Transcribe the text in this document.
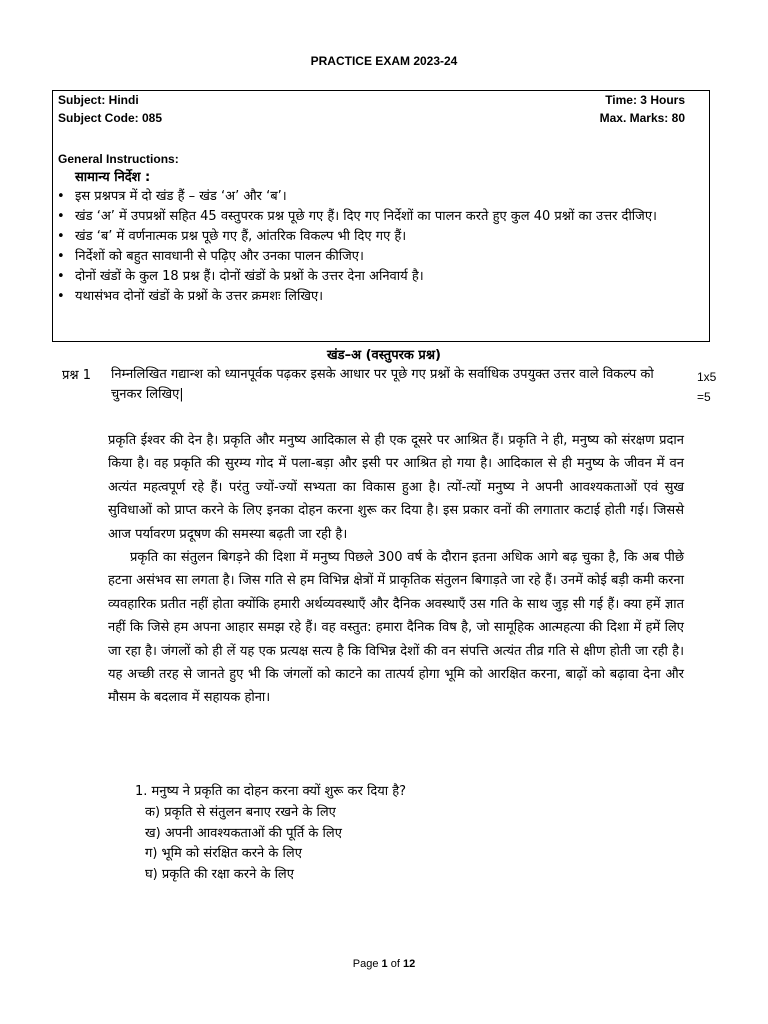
PRACTICE EXAM 2023-24
Subject: Hindi	Time: 3 Hours
Subject Code: 085	Max. Marks: 80
General Instructions:
सामान्य निर्देश :
• इस प्रश्नपत्र में दो खंड हैं – खंड ‘अ’ और ‘ब’।
• खंड ‘अ’ में उपप्रश्नों सहित 45 वस्तुपरक प्रश्न पूछे गए हैं। दिए गए निर्देशों का पालन करते हुए कुल 40 प्रश्नों का उत्तर दीजिए।
• खंड ‘ब’ में वर्णनात्मक प्रश्न पूछे गए हैं, आंतरिक विकल्प भी दिए गए हैं।
• निर्देशों को बहुत सावधानी से पढ़िए और उनका पालन कीजिए।
• दोनों खंडों के कुल 18 प्रश्न हैं। दोनों खंडों के प्रश्नों के उत्तर देना अनिवार्य है।
• यथासंभव दोनों खंडों के प्रश्नों के उत्तर क्रमशः लिखिए।
खंड–अ (वस्तुपरक प्रश्न)
प्रश्न 1 निम्नलिखित गद्यान्श को ध्यानपूर्वक पढ़कर इसके आधार पर पूछे गए प्रश्नों के सर्वाधिक उपयुक्त उत्तर वाले विकल्प को चुनकर लिखिए|
1x5
=5

प्रकृति ईश्वर की देन है। प्रकृति और मनुष्य आदिकाल से ही एक दूसरे पर आश्रित हैं। प्रकृति ने ही, मनुष्य को संरक्षण प्रदान किया है। वह प्रकृति की सुरम्य गोद में पला-बड़ा और इसी पर आश्रित हो गया है। आदिकाल से ही मनुष्य के जीवन में वन अत्यंत महत्वपूर्ण रहे हैं। परंतु ज्यों-ज्यों सभ्यता का विकास हुआ है। त्यों-त्यों मनुष्य ने अपनी आवश्यकताओं एवं सुख सुविधाओं को प्राप्त करने के लिए इनका दोहन करना शुरू कर दिया है। इस प्रकार वनों की लगातार कटाई होती गई। जिससे आज पर्यावरण प्रदूषण की समस्या बढ़ती जा रही है।

प्रकृति का संतुलन बिगड़ने की दिशा में मनुष्य पिछले 300 वर्ष के दौरान इतना अधिक आगे बढ़ चुका है, कि अब पीछे हटना असंभव सा लगता है। जिस गति से हम विभिन्न क्षेत्रों में प्राकृतिक संतुलन बिगाड़ते जा रहे हैं। उनमें कोई बड़ी कमी करना व्यवहारिक प्रतीत नहीं होता क्योंकि हमारी अर्थव्यवस्थाएँ और दैनिक अवस्थाएँ उस गति के साथ जुड़ सी गई हैं। क्या हमें ज्ञात नहीं कि जिसे हम अपना आहार समझ रहे हैं। वह वस्तुत: हमारा दैनिक विष है, जो सामूहिक आत्महत्या की दिशा में हमें लिए जा रहा है। जंगलों को ही लें यह एक प्रत्यक्ष सत्य है कि विभिन्न देशों की वन संपत्ति अत्यंत तीव्र गति से क्षीण होती जा रही है। यह अच्छी तरह से जानते हुए भी कि जंगलों को काटने का तात्पर्य होगा भूमि को आरक्षित करना, बाढ़ों को बढ़ावा देना और मौसम के बदलाव में सहायक होना।

1. मनुष्य ने प्रकृति का दोहन करना क्यों शुरू कर दिया है?
क) प्रकृति से संतुलन बनाए रखने के लिए
ख) अपनी आवश्यकताओं की पूर्ति के लिए
ग) भूमि को संरक्षित करने के लिए
घ) प्रकृति की रक्षा करने के लिए
Page 1 of 12
